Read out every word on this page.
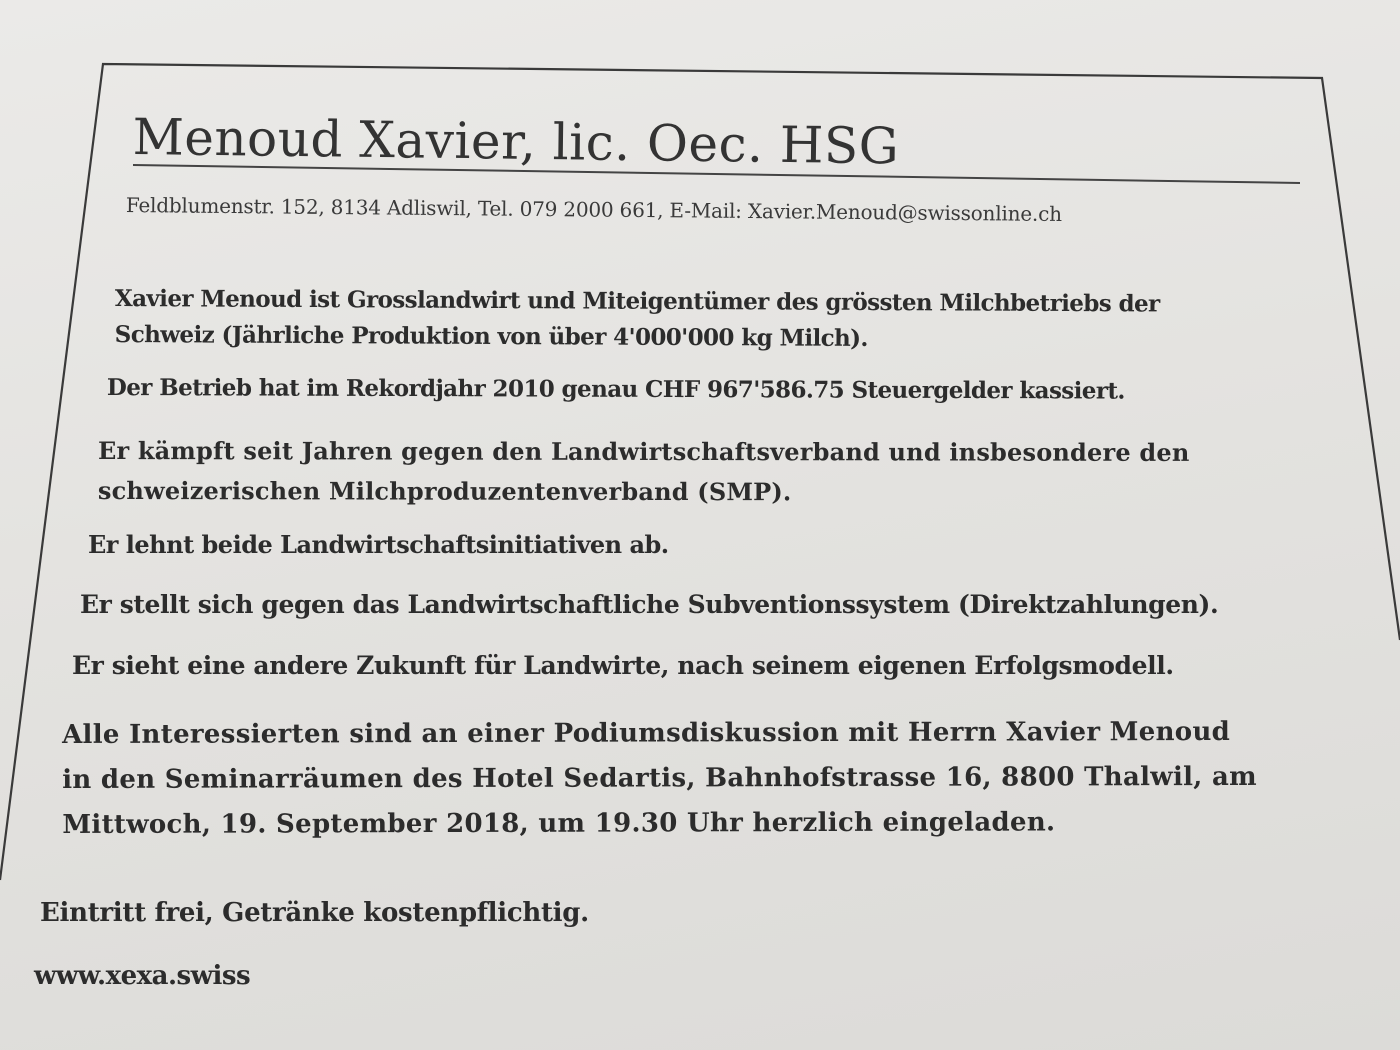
Menoud Xavier, lic. Oec. HSG
Feldblumenstr. 152, 8134 Adliswil, Tel. 079 2000 661, E-Mail: Xavier.Menoud@swissonline.ch
Xavier Menoud ist Grosslandwirt und Miteigentümer des grössten Milchbetriebs der
Schweiz (Jährliche Produktion von über 4'000'000 kg Milch).
Der Betrieb hat im Rekordjahr 2010 genau CHF 967'586.75 Steuergelder kassiert.
Er kämpft seit Jahren gegen den Landwirtschaftsverband und insbesondere den
schweizerischen Milchproduzentenverband (SMP).
Er lehnt beide Landwirtschaftsinitiativen ab.
Er stellt sich gegen das Landwirtschaftliche Subventionssystem (Direktzahlungen).
Er sieht eine andere Zukunft für Landwirte, nach seinem eigenen Erfolgsmodell.
Alle Interessierten sind an einer Podiumsdiskussion mit Herrn Xavier Menoud
in den Seminarräumen des Hotel Sedartis, Bahnhofstrasse 16, 8800 Thalwil, am
Mittwoch, 19. September 2018, um 19.30 Uhr herzlich eingeladen.
Eintritt frei, Getränke kostenpflichtig.
www.xexa.swiss
